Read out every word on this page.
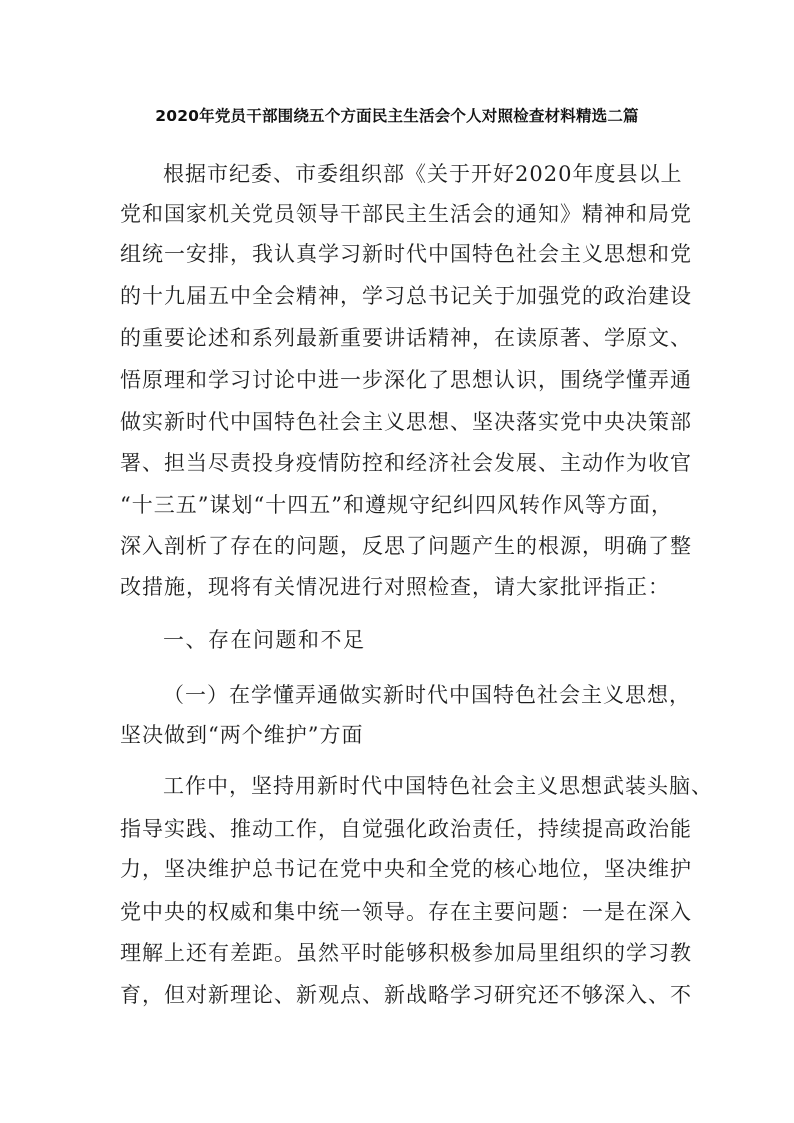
2020年党员干部围绕五个方面民主生活会个人对照检查材料精选二篇
根据市纪委、市委组织部《关于开好2020年度县以上
党和国家机关党员领导干部民主生活会的通知》精神和局党
组统一安排，我认真学习新时代中国特色社会主义思想和党
的十九届五中全会精神，学习总书记关于加强党的政治建设
的重要论述和系列最新重要讲话精神，在读原著、学原文、
悟原理和学习讨论中进一步深化了思想认识，围绕学懂弄通
做实新时代中国特色社会主义思想、坚决落实党中央决策部
署、担当尽责投身疫情防控和经济社会发展、主动作为收官
“十三五”谋划“十四五”和遵规守纪纠四风转作风等方面，
深入剖析了存在的问题，反思了问题产生的根源，明确了整
改措施，现将有关情况进行对照检查，请大家批评指正：
一、存在问题和不足
（一）在学懂弄通做实新时代中国特色社会主义思想，
坚决做到“两个维护”方面
工作中，坚持用新时代中国特色社会主义思想武装头脑、
指导实践、推动工作，自觉强化政治责任，持续提高政治能
力，坚决维护总书记在党中央和全党的核心地位，坚决维护
党中央的权威和集中统一领导。存在主要问题：一是在深入
理解上还有差距。虽然平时能够积极参加局里组织的学习教
育，但对新理论、新观点、新战略学习研究还不够深入、不
